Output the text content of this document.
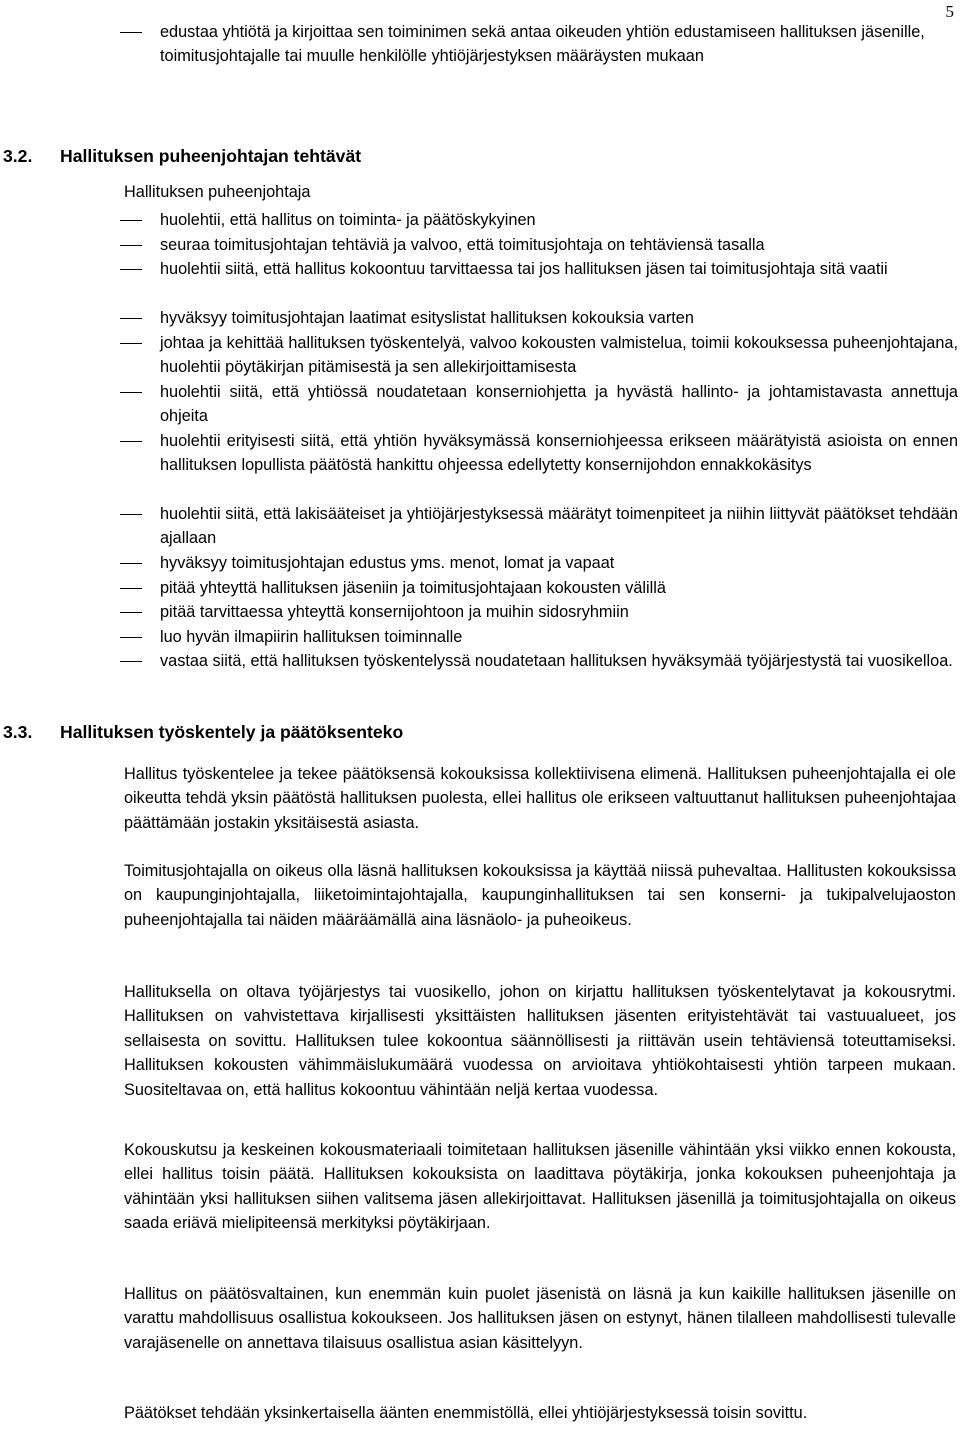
5
edustaa yhtiötä ja kirjoittaa sen toiminimen sekä antaa oikeuden yhtiön edustamiseen hallituksen jäsenille, toimitusjohtajalle tai muulle henkilölle yhtiöjärjestyksen määräysten mukaan
3.2. Hallituksen puheenjohtajan tehtävät
Hallituksen puheenjohtaja
huolehtii, että hallitus on toiminta- ja päätöskykyinen
seuraa toimitusjohtajan tehtäviä ja valvoo, että toimitusjohtaja on tehtäviensä tasalla
huolehtii siitä, että hallitus kokoontuu tarvittaessa tai jos hallituksen jäsen tai toimitusjohtaja sitä vaatii
hyväksyy toimitusjohtajan laatimat esityslistat hallituksen kokouksia varten
johtaa ja kehittää hallituksen työskentelyä, valvoo kokousten valmistelua, toimii kokouksessa puheenjohtajana, huolehtii pöytäkirjan pitämisestä ja sen allekirjoittamisesta
huolehtii siitä, että yhtiössä noudatetaan konserniohjetta ja hyvästä hallinto- ja johtamistavasta annettuja ohjeita
huolehtii erityisesti siitä, että yhtiön hyväksymässä konserniohjeessa erikseen määrätyistä asioista on ennen hallituksen lopullista päätöstä hankittu ohjeessa edellytetty konsernijohdon ennakkokäsitys
huolehtii siitä, että lakisääteiset ja yhtiöjärjestyksessä määrätyt toimenpiteet ja niihin liittyvät päätökset tehdään ajallaan
hyväksyy toimitusjohtajan edustus yms. menot, lomat ja vapaat
pitää yhteyttä hallituksen jäseniin ja toimitusjohtajaan kokousten välillä
pitää tarvittaessa yhteyttä konsernijohtoon ja muihin sidosryhmiin
luo hyvän ilmapiirin hallituksen toiminnalle
vastaa siitä, että hallituksen työskentelyssä noudatetaan hallituksen hyväksymää työjärjestystä tai vuosikelloa.
3.3. Hallituksen työskentely ja päätöksenteko
Hallitus työskentelee ja tekee päätöksensä kokouksissa kollektiivisena elimenä. Hallituksen puheenjohtajalla ei ole oikeutta tehdä yksin päätöstä hallituksen puolesta, ellei hallitus ole erikseen valtuuttanut hallituksen puheenjohtajaa päättämään jostakin yksitäisestä asiasta.
Toimitusjohtajalla on oikeus olla läsnä hallituksen kokouksissa ja käyttää niissä puhevaltaa. Hallitusten kokouksissa on kaupunginjohtajalla, liiketoimintajohtajalla, kaupunginhallituksen tai sen konserni- ja tukipalvelujaoston puheenjohtajalla tai näiden määräämällä aina läsnäolo- ja puheoikeus.
Hallituksella on oltava työjärjestys tai vuosikello, johon on kirjattu hallituksen työskentelytavat ja kokousrytmi. Hallituksen on vahvistettava kirjallisesti yksittäisten hallituksen jäsenten erityistehtävät tai vastuualueet, jos sellaisesta on sovittu. Hallituksen tulee kokoontua säännöllisesti ja riittävän usein tehtäviensä toteuttamiseksi. Hallituksen kokousten vähimmäislukumäärä vuodessa on arvioitava yhtiökohtaisesti yhtiön tarpeen mukaan. Suositeltavaa on, että hallitus kokoontuu vähintään neljä kertaa vuodessa.
Kokouskutsu ja keskeinen kokousmateriaali toimitetaan hallituksen jäsenille vähintään yksi viikko ennen kokousta, ellei hallitus toisin päätä. Hallituksen kokouksista on laadittava pöytäkirja, jonka kokouksen puheenjohtaja ja vähintään yksi hallituksen siihen valitsema jäsen allekirjoittavat. Hallituksen jäsenillä ja toimitusjohtajalla on oikeus saada eriävä mielipiteensä merkityksi pöytäkirjaan.
Hallitus on päätösvaltainen, kun enemmän kuin puolet jäsenistä on läsnä ja kun kaikille hallituksen jäsenille on varattu mahdollisuus osallistua kokoukseen. Jos hallituksen jäsen on estynyt, hänen tilalleen mahdollisesti tulevalle varajäsenelle on annettava tilaisuus osallistua asian käsittelyyn.
Päätökset tehdään yksinkertaisella äänten enemmistöllä, ellei yhtiöjärjestyksessä toisin sovittu.
